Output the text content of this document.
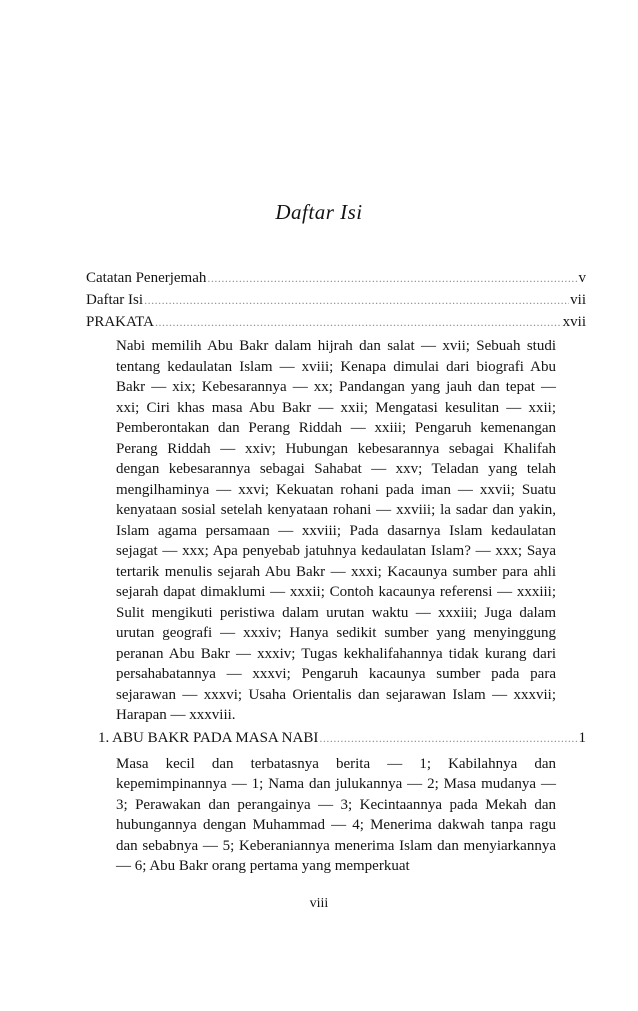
Daftar Isi
Catatan Penerjemah .....	v
Daftar Isi .....	vii
PRAKATA .....	xvii
Nabi memilih Abu Bakr dalam hijrah dan salat — xvii; Sebuah studi tentang kedaulatan Islam — xviii; Kenapa dimulai dari biografi Abu Bakr — xix; Kebesarannya — xx; Pandangan yang jauh dan tepat — xxi; Ciri khas masa Abu Bakr — xxii; Mengatasi kesulitan — xxii; Pemberontakan dan Perang Riddah — xxiii; Pengaruh kemenangan Perang Riddah — xxiv; Hubungan kebesarannya sebagai Khalifah dengan kebesarannya sebagai Sahabat — xxv; Teladan yang telah mengilhaminya — xxvi; Kekuatan rohani pada iman — xxvii; Suatu kenyataan sosial setelah kenyataan rohani — xxviii; la sadar dan yakin, Islam agama persamaan — xxviii; Pada dasarnya Islam kedaulatan sejagat — xxx; Apa penyebab jatuhnya kedaulatan Islam? — xxx; Saya tertarik menulis sejarah Abu Bakr — xxxi; Kacaunya sumber para ahli sejarah dapat dimaklumi — xxxii; Contoh kacaunya referensi — xxxiii; Sulit mengikuti peristiwa dalam urutan waktu — xxxiii; Juga dalam urutan geografi — xxxiv; Hanya sedikit sumber yang menyinggung peranan Abu Bakr — xxxiv; Tugas kekhalifahannya tidak kurang dari persahabatannya — xxxvi; Pengaruh kacaunya sumber pada para sejarawan — xxxvi; Usaha Orientalis dan sejarawan Islam — xxxvii; Harapan — xxxviii.
1. ABU BAKR PADA MASA NABI .....	1
Masa kecil dan terbatasnya berita — 1; Kabilahnya dan kepemimpinannya — 1; Nama dan julukannya — 2; Masa mudanya — 3; Perawakan dan perangainya — 3; Kecintaannya pada Mekah dan hubungannya dengan Muhammad — 4; Menerima dakwah tanpa ragu dan sebabnya — 5; Keberaniannya menerima Islam dan menyiarkannya — 6; Abu Bakr orang pertama yang memperkuat
viii
